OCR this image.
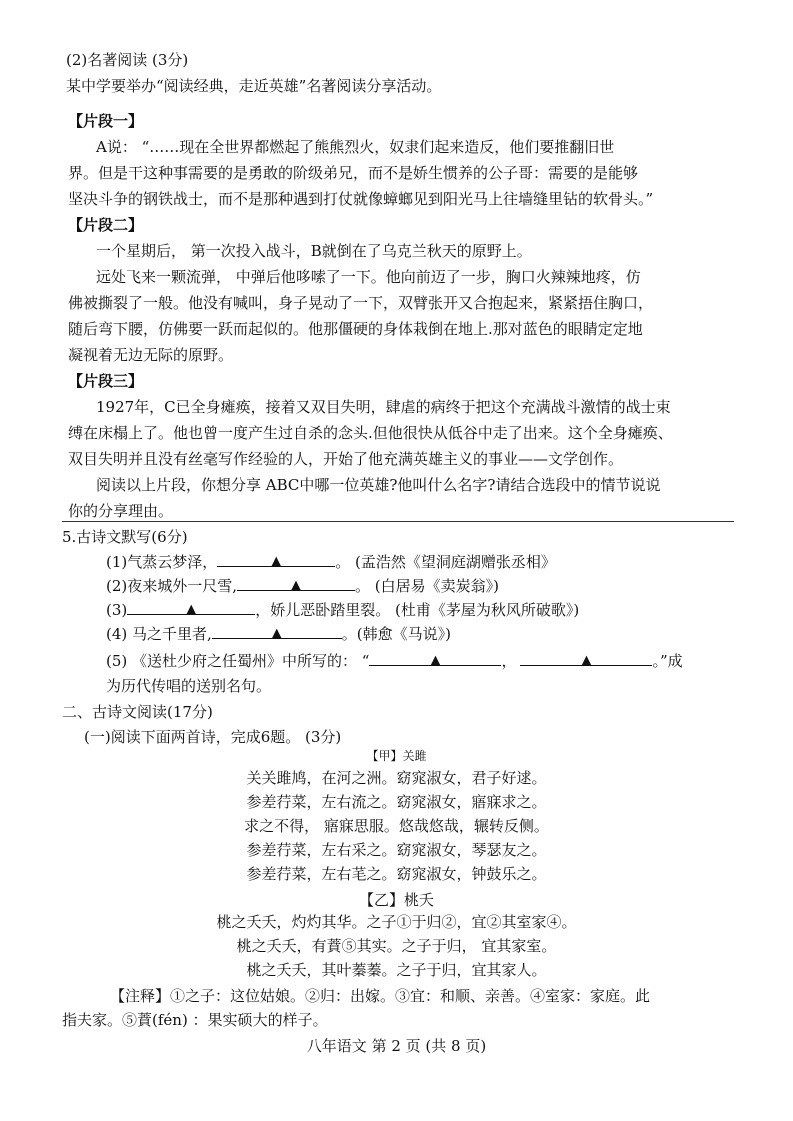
(2)名著阅读 (3分)
某中学要举办“阅读经典，走近英雄”名著阅读分享活动。
【片段一】
A说： “……现在全世界都燃起了熊熊烈火，奴隶们起来造反，他们要推翻旧世
界。但是干这种事需要的是勇敢的阶级弟兄，而不是娇生惯养的公子哥：需要的是能够
坚决斗争的钢铁战士，而不是那种遇到打仗就像蟑螂见到阳光马上往墙缝里钻的软骨头。”
【片段二】
一个星期后， 第一次投入战斗，B就倒在了乌克兰秋天的原野上。
远处飞来一颗流弹， 中弹后他哆嗦了一下。他向前迈了一步，胸口火辣辣地疼，仿
佛被撕裂了一般。他没有喊叫，身子晃动了一下，双臂张开又合抱起来，紧紧捂住胸口，
随后弯下腰，仿佛要一跃而起似的。他那僵硬的身体栽倒在地上.那对蓝色的眼睛定定地
凝视着无边无际的原野。
【片段三】
1927年，C已全身瘫痪，接着又双目失明，肆虐的病终于把这个充满战斗激情的战士束
缚在床榻上了。他也曾一度产生过自杀的念头.但他很快从低谷中走了出来。这个全身瘫痪、
双目失明并且没有丝毫写作经验的人，开始了他充满英雄主义的事业——文学创作。
阅读以上片段，你想分享 ABC中哪一位英雄?他叫什么名字?请结合选段中的情节说说
你的分享理由。
5.古诗文默写(6分)
(1)气蒸云梦泽，	▲	。 (孟浩然《望洞庭湖赠张丞相》
(2)夜来城外一尺雪,	▲	。 (白居易《卖炭翁》)
(3)	▲	，娇儿恶卧踏里裂。 (杜甫《茅屋为秋风所破歌》)
(4) 马之千里者,	▲	。(韩愈《马说》)
(5) 《送杜少府之任蜀州》中所写的： “	▲	，	▲	。”成
为历代传唱的送别名句。
二、古诗文阅读(17分)
(一)阅读下面两首诗，完成6题。 (3分)
【甲】关雎
关关雎鸠，在河之洲。窈窕淑女，君子好逑。
参差荇菜，左右流之。窈窕淑女，寤寐求之。
求之不得， 寤寐思服。悠哉悠哉，辗转反侧。
参差荇菜，左右采之。窈窕淑女，琴瑟友之。
参差荇菜，左右芼之。窈窕淑女，钟鼓乐之。
【乙】桃夭
桃之夭夭，灼灼其华。之子①于归②，宜②其室家④。
桃之夭夭，有蕡⑤其实。之子于归， 宜其家室。
桃之夭夭，其叶蓁蓁。之子于归，宜其家人。
【注释】①之子：这位姑娘。②归：出嫁。③宜：和顺、亲善。④室家：家庭。此
指夫家。⑤蕡(fén) ：果实硕大的样子。
八年语文 第 2 页 (共 8 页)
